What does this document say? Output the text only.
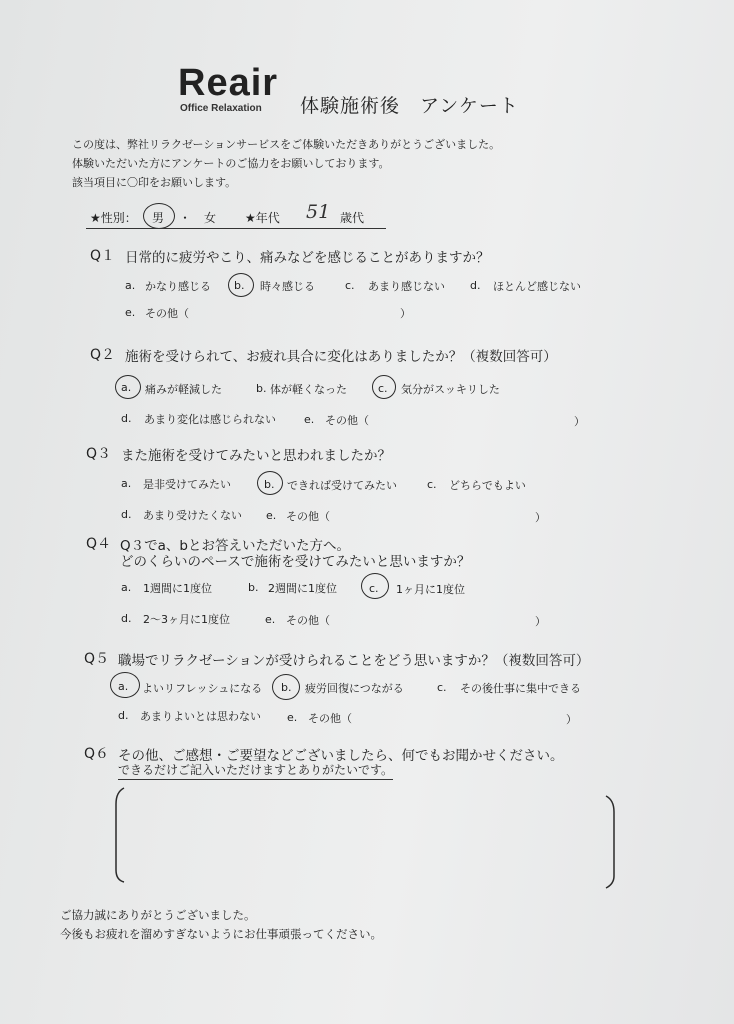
Reair
Office Relaxation 体験施術後　アンケート
この度は、弊社リラクゼーションサービスをご体験いただきありがとうございました。
体験いただいた方にアンケートのご協力をお願いしております。
該当項目に〇印をお願いします。
★性別： 男 ・ 女 ★年代 51 歳代
Q１ 日常的に疲労やこり、痛みなどを感じることがありますか？
a. かなり感じる b. 時々感じる	c. あまり感じない d. ほとんど感じない
e. その他（	）
Q２ 施術を受けられて、お疲れ具合に変化はありましたか？（複数回答可）
a. 痛みが軽減した	b. 体が軽くなった	c. 気分がスッキリした
d. あまり変化は感じられない	e. その他（	）
Q３ また施術を受けてみたいと思われましたか？
a. 是非受けてみたい	b. できれば受けてみたい	c. どちらでもよい
d. あまり受けたくない e. その他（	）
Q４ Q３でa、bとお答えいただいた方へ。
どのくらいのペースで施術を受けてみたいと思いますか？
a. 1週間に1度位	b. 2週間に1度位	c. 1ヶ月に1度位
d. 2～3ヶ月に1度位	e. その他（	）
Q５ 職場でリラクゼーションが受けられることをどう思いますか？（複数回答可）
a. よいリフレッシュになる b. 疲労回復につながる	c. その後仕事に集中できる
d. あまりよいとは思わない e. その他（	）
Q６ その他、ご感想・ご要望などございましたら、何でもお聞かせください。
できるだけご記入いただけますとありがたいです。
ご協力誠にありがとうございました。
今後もお疲れを溜めすぎないようにお仕事頑張ってください。
